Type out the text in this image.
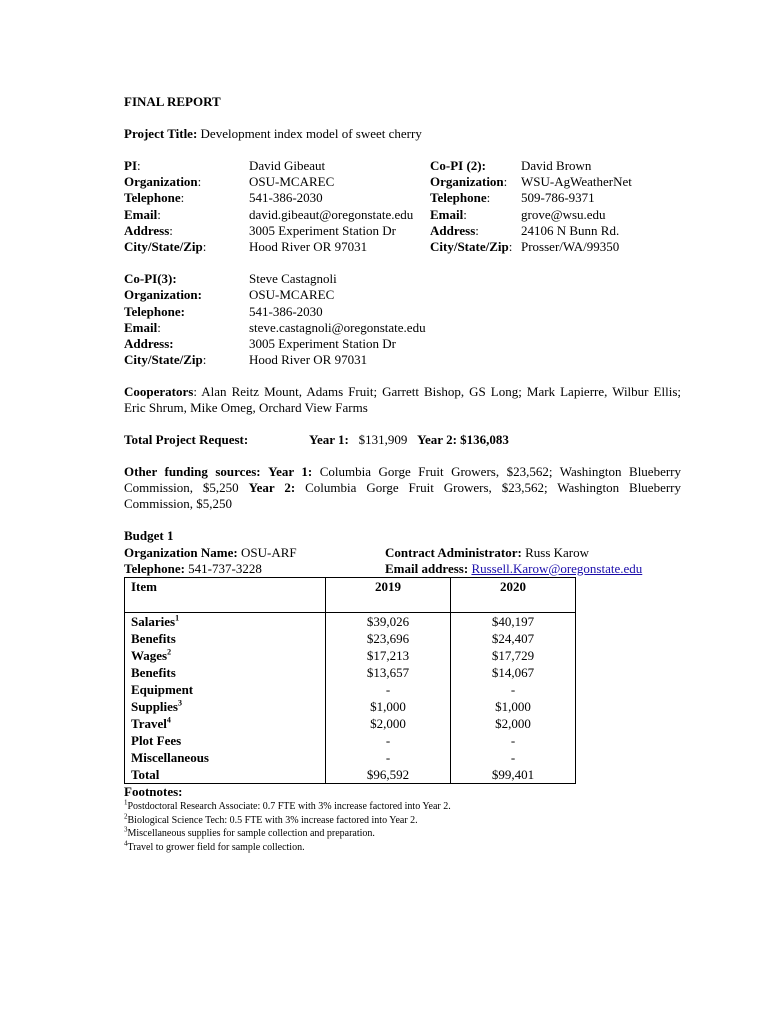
FINAL REPORT
Project Title: Development index model of sweet cherry
PI:	David Gibeaut	Co-PI (2):	David Brown
Organization:	OSU-MCAREC	Organization: WSU-AgWeatherNet
Telephone:	541-386-2030	Telephone: 509-786-9371
Email:	david.gibeaut@oregonstate.edu Email:	grove@wsu.edu
Address:	3005 Experiment Station Dr	Address:	24106 N Bunn Rd.
City/State/Zip:	Hood River OR 97031	City/State/Zip: Prosser/WA/99350
Co-PI(3):	Steve Castagnoli
Organization:	OSU-MCAREC
Telephone:	541-386-2030
Email:	steve.castagnoli@oregonstate.edu
Address:	3005 Experiment Station Dr
City/State/Zip:	Hood River OR 97031
Cooperators: Alan Reitz Mount, Adams Fruit; Garrett Bishop, GS Long; Mark Lapierre, Wilbur Ellis; Eric Shrum, Mike Omeg, Orchard View Farms
Total Project Request:	Year 1: $131,909 Year 2: $136,083
Other funding sources: Year 1: Columbia Gorge Fruit Growers, $23,562; Washington Blueberry Commission, $5,250 Year 2: Columbia Gorge Fruit Growers, $23,562; Washington Blueberry Commission, $5,250
Budget 1
Organization Name: OSU-ARF	Contract Administrator: Russ Karow
Telephone: 541-737-3228	Email address: Russell.Karow@oregonstate.edu
Item	2019	2020
Salaries$^1$	$39,026	$40,197
Benefits	$23,696	$24,407
Wages$^2$	$17,213	$17,729
Benefits	$13,657	$14,067
Equipment	-	-
Supplies$^3$	$1,000	$1,000
Travel$^4$	$2,000	$2,000
Plot Fees	-	-
Miscellaneous	-	-
Total	$96,592	$99,401
Footnotes:
$^1$Postdoctoral Research Associate: 0.7 FTE with 3% increase factored into Year 2.
$^2$Biological Science Tech: 0.5 FTE with 3% increase factored into Year 2.
$^3$Miscellaneous supplies for sample collection and preparation.
$^4$Travel to grower field for sample collection.
